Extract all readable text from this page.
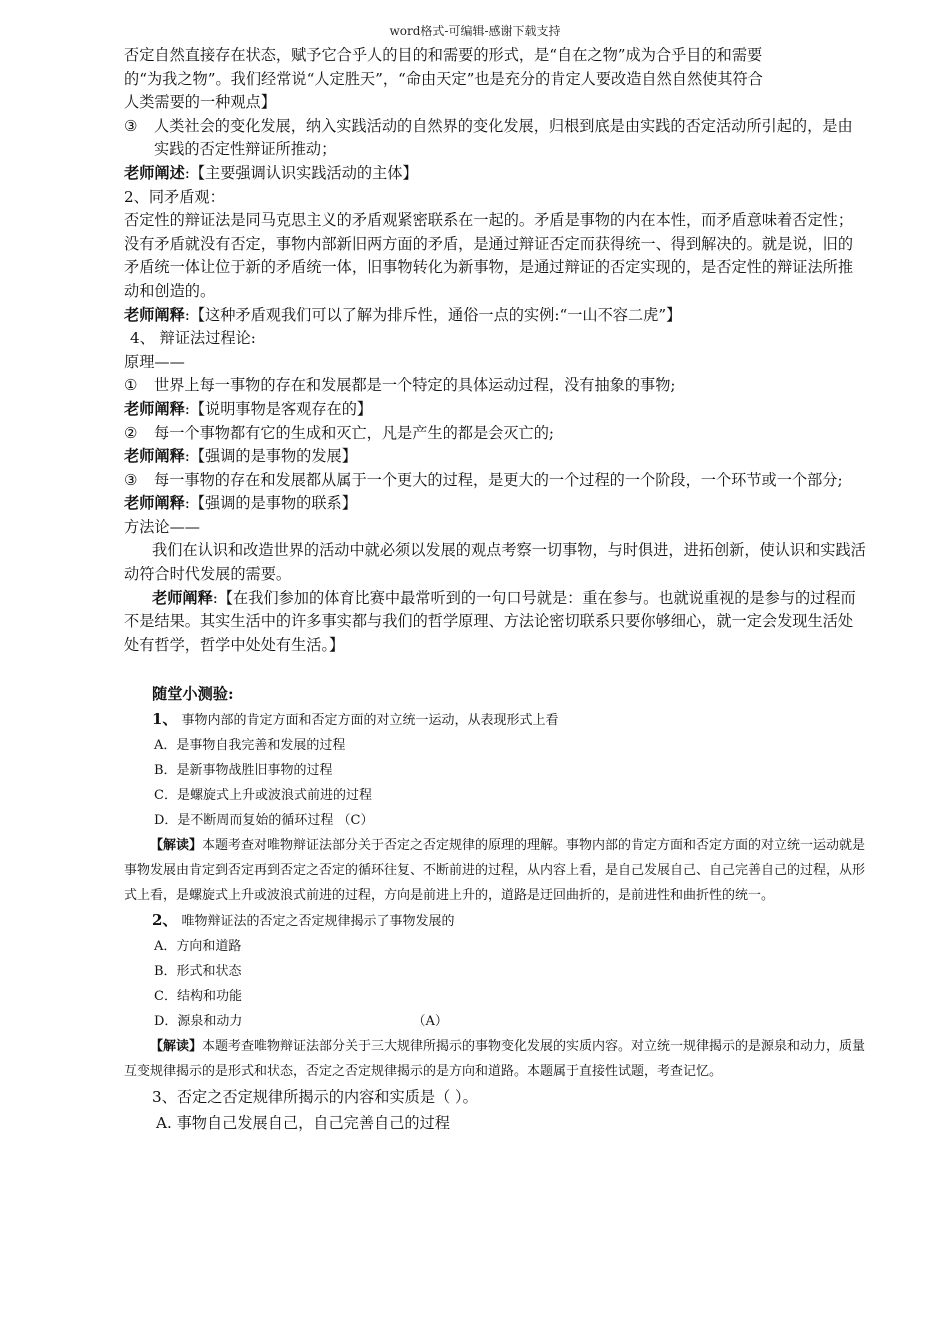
word格式-可编辑-感谢下载支持

否定自然直接存在状态，赋予它合乎人的目的和需要的形式，是“自在之物”成为合乎目的和需要

的“为我之物”。我们经常说“人定胜天”，“命由天定”也是充分的肯定人要改造自然自然使其符合

人类需要的一种观点】

③	人类社会的变化发展，纳入实践活动的自然界的变化发展，归根到底是由实践的否定活动所引起的，是由实践的否定性辩证所推动；

老师阐述:【主要强调认识实践活动的主体】

2、同矛盾观：

否定性的辩证法是同马克思主义的矛盾观紧密联系在一起的。矛盾是事物的内在本性，而矛盾意味着否定性；没有矛盾就没有否定，事物内部新旧两方面的矛盾，是通过辩证否定而获得统一、得到解决的。就是说，旧的矛盾统一体让位于新的矛盾统一体，旧事物转化为新事物，是通过辩证的否定实现的，是否定性的辩证法所推动和创造的。

老师阐释:【这种矛盾观我们可以了解为排斥性，通俗一点的实例:“一山不容二虎”】

4、 辩证法过程论:

原理——

①	世界上每一事物的存在和发展都是一个特定的具体运动过程，没有抽象的事物;

老师阐释:【说明事物是客观存在的】

②	每一个事物都有它的生成和灭亡，凡是产生的都是会灭亡的;

老师阐释:【强调的是事物的发展】

③	每一事物的存在和发展都从属于一个更大的过程，是更大的一个过程的一个阶段，一个环节或一个部分;

老师阐释:【强调的是事物的联系】

方法论——

我们在认识和改造世界的活动中就必须以发展的观点考察一切事物，与时俱进，进拓创新，使认识和实践活动符合时代发展的需要。

老师阐释:【在我们参加的体育比赛中最常听到的一句口号就是：重在参与。也就说重视的是参与的过程而不是结果。其实生活中的许多事实都与我们的哲学原理、方法论密切联系只要你够细心，就一定会发现生活处处有哲学，哲学中处处有生活。】

随堂小测验:
1、 事物内部的肯定方面和否定方面的对立统一运动，从表现形式上看
A．是事物自我完善和发展的过程
B．是新事物战胜旧事物的过程
C．是螺旋式上升或波浪式前进的过程
D．是不断周而复始的循环过程 （C）
【解读】本题考查对唯物辩证法部分关于否定之否定规律的原理的理解。事物内部的肯定方面和否定方面的对立统一运动就是事物发展由肯定到否定再到否定之否定的循环往复、不断前进的过程，从内容上看，是自己发展自己、自己完善自己的过程，从形式上看，是螺旋式上升或波浪式前进的过程，方向是前进上升的，道路是迂回曲折的，是前进性和曲折性的统一。
2、 唯物辩证法的否定之否定规律揭示了事物发展的
A．方向和道路
B．形式和状态
C．结构和功能
D．源泉和动力	（A）
【解读】本题考查唯物辩证法部分关于三大规律所揭示的事物变化发展的实质内容。对立统一规律揭示的是源泉和动力，质量互变规律揭示的是形式和状态，否定之否定规律揭示的是方向和道路。本题属于直接性试题，考查记忆。
3、否定之否定规律所揭示的内容和实质是（ ）。
A. 事物自己发展自己，自己完善自己的过程
